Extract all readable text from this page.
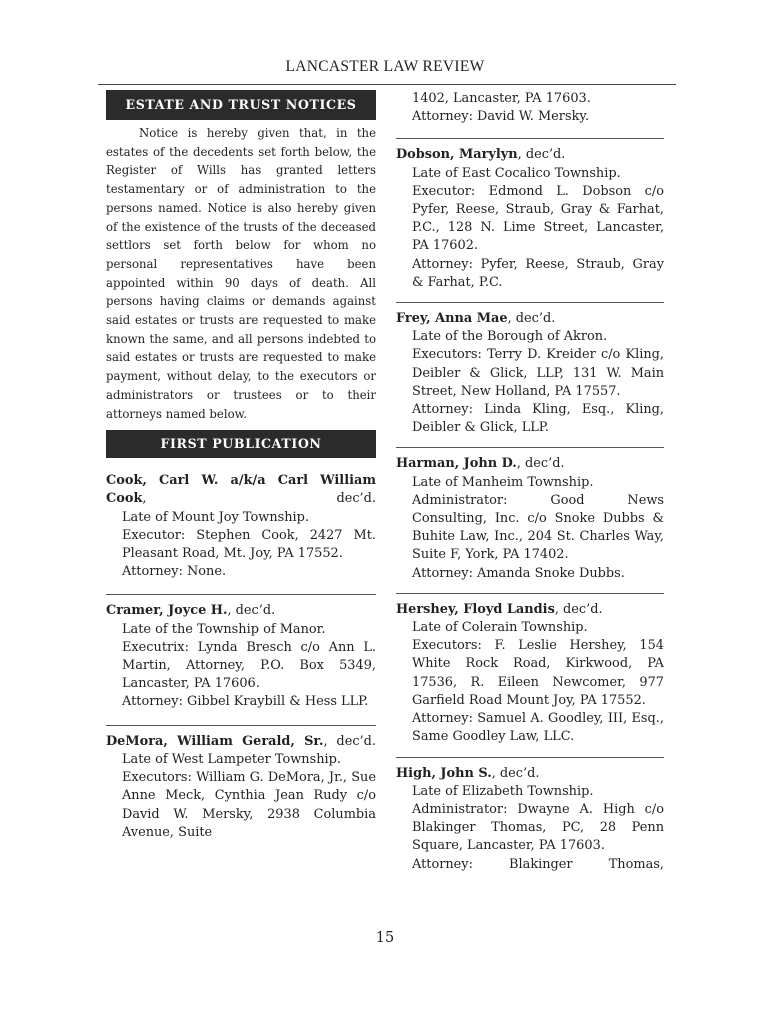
LANCASTER LAW REVIEW
ESTATE AND TRUST NOTICES

Notice is hereby given that, in the estates of the decedents set forth below, the Register of Wills has granted letters testamentary or of administration to the persons named. Notice is also hereby given of the existence of the trusts of the deceased settlors set forth below for whom no personal representatives have been appointed within 90 days of death. All persons having claims or demands against said estates or trusts are requested to make known the same, and all persons indebted to said estates or trusts are requested to make payment, without delay, to the executors or administrators or trustees or to their attorneys named below.

FIRST PUBLICATION
Cook, Carl W. a/k/a Carl William Cook, dec’d.
Late of Mount Joy Township.
Executor: Stephen Cook, 2427 Mt. Pleasant Road, Mt. Joy, PA 17552.
Attorney: None.
Cramer, Joyce H., dec’d.
Late of the Township of Manor.
Executrix: Lynda Bresch c/o Ann L. Martin, Attorney, P.O. Box 5349, Lancaster, PA 17606.
Attorney: Gibbel Kraybill & Hess LLP.
DeMora, William Gerald, Sr., dec’d.
Late of West Lampeter Township.
Executors: William G. DeMora, Jr., Sue Anne Meck, Cynthia Jean Rudy c/o David W. Mersky, 2938 Columbia Avenue, Suite
1402, Lancaster, PA 17603.
Attorney: David W. Mersky.
Dobson, Marylyn, dec’d.
Late of East Cocalico Township.
Executor: Edmond L. Dobson c/o Pyfer, Reese, Straub, Gray & Farhat, P.C., 128 N. Lime Street, Lancaster, PA 17602.
Attorney: Pyfer, Reese, Straub, Gray & Farhat, P.C.
Frey, Anna Mae, dec’d.
Late of the Borough of Akron.
Executors: Terry D. Kreider c/o Kling, Deibler & Glick, LLP, 131 W. Main Street, New Holland, PA 17557.
Attorney: Linda Kling, Esq., Kling, Deibler & Glick, LLP.
Harman, John D., dec’d.
Late of Manheim Township.
Administrator: Good News Consulting, Inc. c/o Snoke Dubbs & Buhite Law, Inc., 204 St. Charles Way, Suite F, York, PA 17402.
Attorney: Amanda Snoke Dubbs.
Hershey, Floyd Landis, dec’d.
Late of Colerain Township.
Executors: F. Leslie Hershey, 154 White Rock Road, Kirkwood, PA 17536, R. Eileen Newcomer, 977 Garfield Road Mount Joy, PA 17552.
Attorney: Samuel A. Goodley, III, Esq., Same Goodley Law, LLC.
High, John S., dec’d.
Late of Elizabeth Township.
Administrator: Dwayne A. High c/o Blakinger Thomas, PC, 28 Penn Square, Lancaster, PA 17603.
Attorney: Blakinger Thomas,
15
